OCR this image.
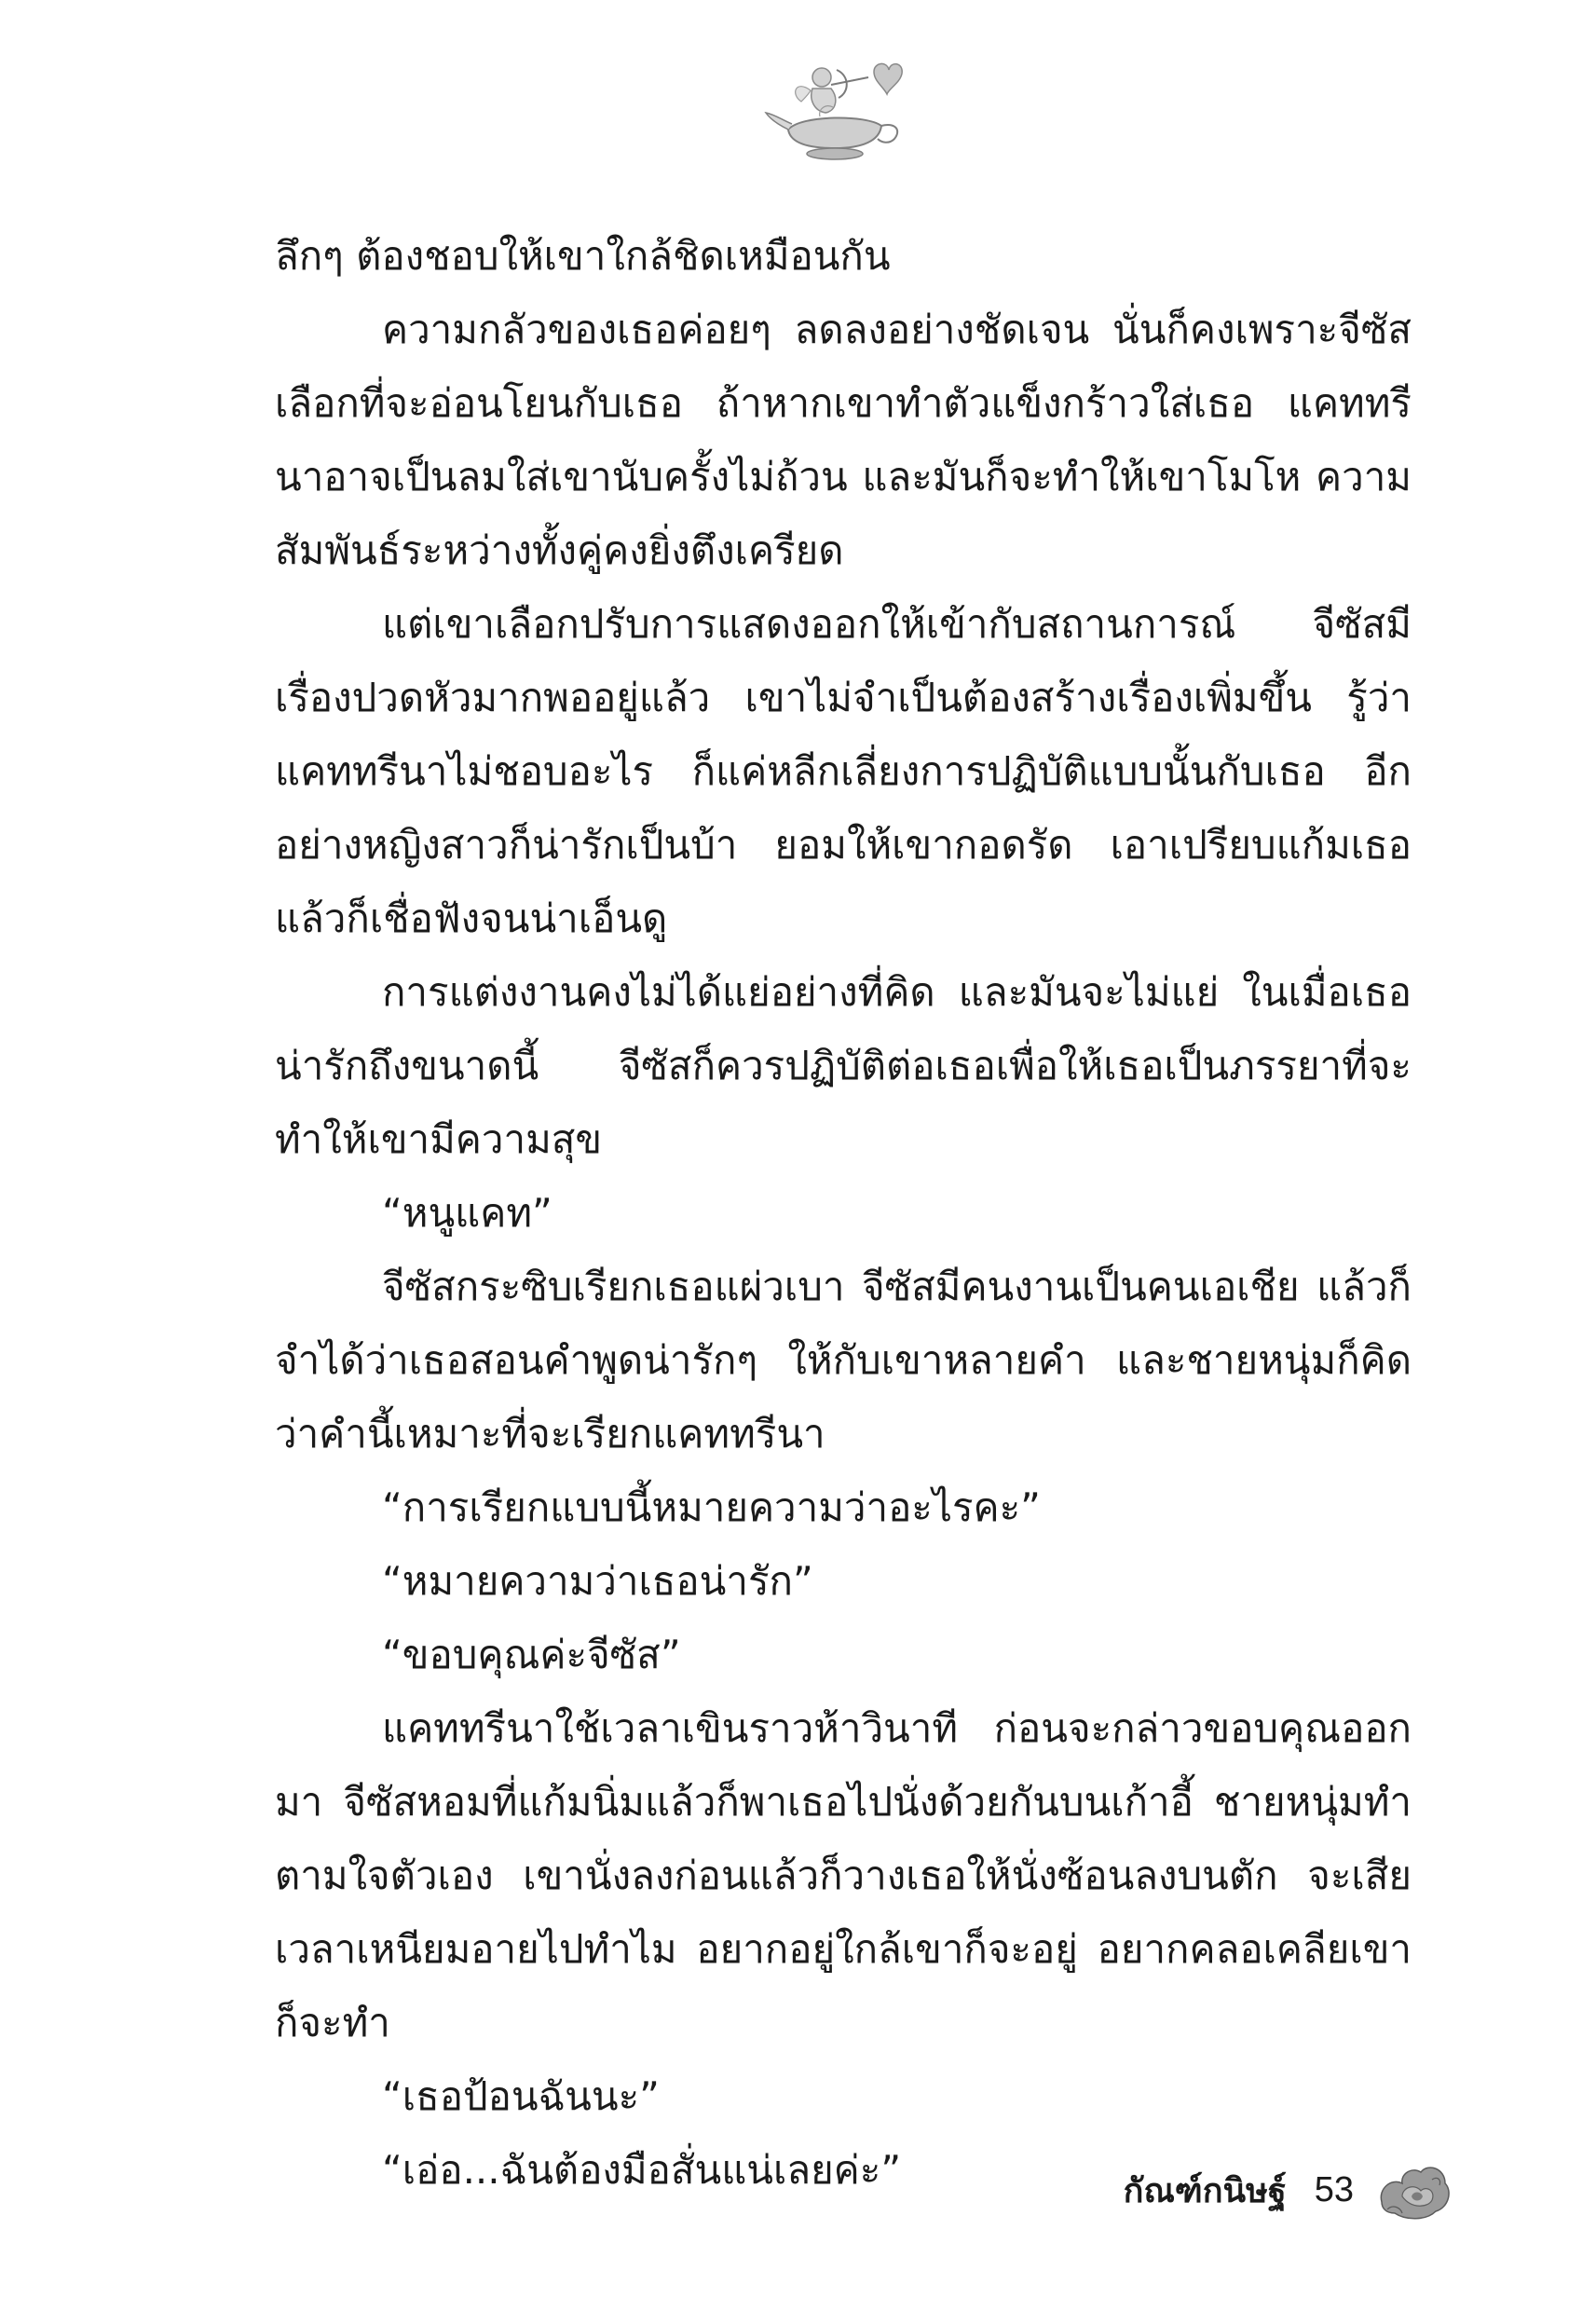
ลึกๆ ต้องชอบให้เขาใกล้ชิดเหมือนกัน

ความกลัวของเธอค่อยๆ ลดลงอย่างชัดเจน นั่นก็คงเพราะจีซัสเลือกที่จะอ่อนโยนกับเธอ ถ้าหากเขาทำตัวแข็งกร้าวใส่เธอ แคททรีนาอาจเป็นลมใส่เขานับครั้งไม่ถ้วน และมันก็จะทำให้เขาโมโห ความสัมพันธ์ระหว่างทั้งคู่คงยิ่งตึงเครียด

แต่เขาเลือกปรับการแสดงออกให้เข้ากับสถานการณ์ จีซัสมีเรื่องปวดหัวมากพออยู่แล้ว เขาไม่จำเป็นต้องสร้างเรื่องเพิ่มขึ้น รู้ว่าแคททรีนาไม่ชอบอะไร ก็แค่หลีกเลี่ยงการปฏิบัติแบบนั้นกับเธอ อีกอย่างหญิงสาวก็น่ารักเป็นบ้า ยอมให้เขากอดรัด เอาเปรียบแก้มเธอ แล้วก็เชื่อฟังจนน่าเอ็นดู

การแต่งงานคงไม่ได้แย่อย่างที่คิด และมันจะไม่แย่ ในเมื่อเธอน่ารักถึงขนาดนี้ จีซัสก็ควรปฏิบัติต่อเธอเพื่อให้เธอเป็นภรรยาที่จะทำให้เขามีความสุข

“หนูแคท”

จีซัสกระซิบเรียกเธอแผ่วเบา จีซัสมีคนงานเป็นคนเอเชีย แล้วก็จำได้ว่าเธอสอนคำพูดน่ารักๆ ให้กับเขาหลายคำ และชายหนุ่มก็คิดว่าคำนี้เหมาะที่จะเรียกแคททรีนา

“การเรียกแบบนี้หมายความว่าอะไรคะ”

“หมายความว่าเธอน่ารัก”

“ขอบคุณค่ะจีซัส”

แคททรีนาใช้เวลาเขินราวห้าวินาที ก่อนจะกล่าวขอบคุณออกมา จีซัสหอมที่แก้มนิ่มแล้วก็พาเธอไปนั่งด้วยกันบนเก้าอี้ ชายหนุ่มทำตามใจตัวเอง เขานั่งลงก่อนแล้วก็วางเธอให้นั่งซ้อนลงบนตัก จะเสียเวลาเหนียมอายไปทำไม อยากอยู่ใกล้เขาก็จะอยู่ อยากคลอเคลียเขาก็จะทำ

“เธอป้อนฉันนะ”

“เอ่อ...ฉันต้องมือสั่นแน่เลยค่ะ”	กัณฑ์กนิษฐ์ 53
